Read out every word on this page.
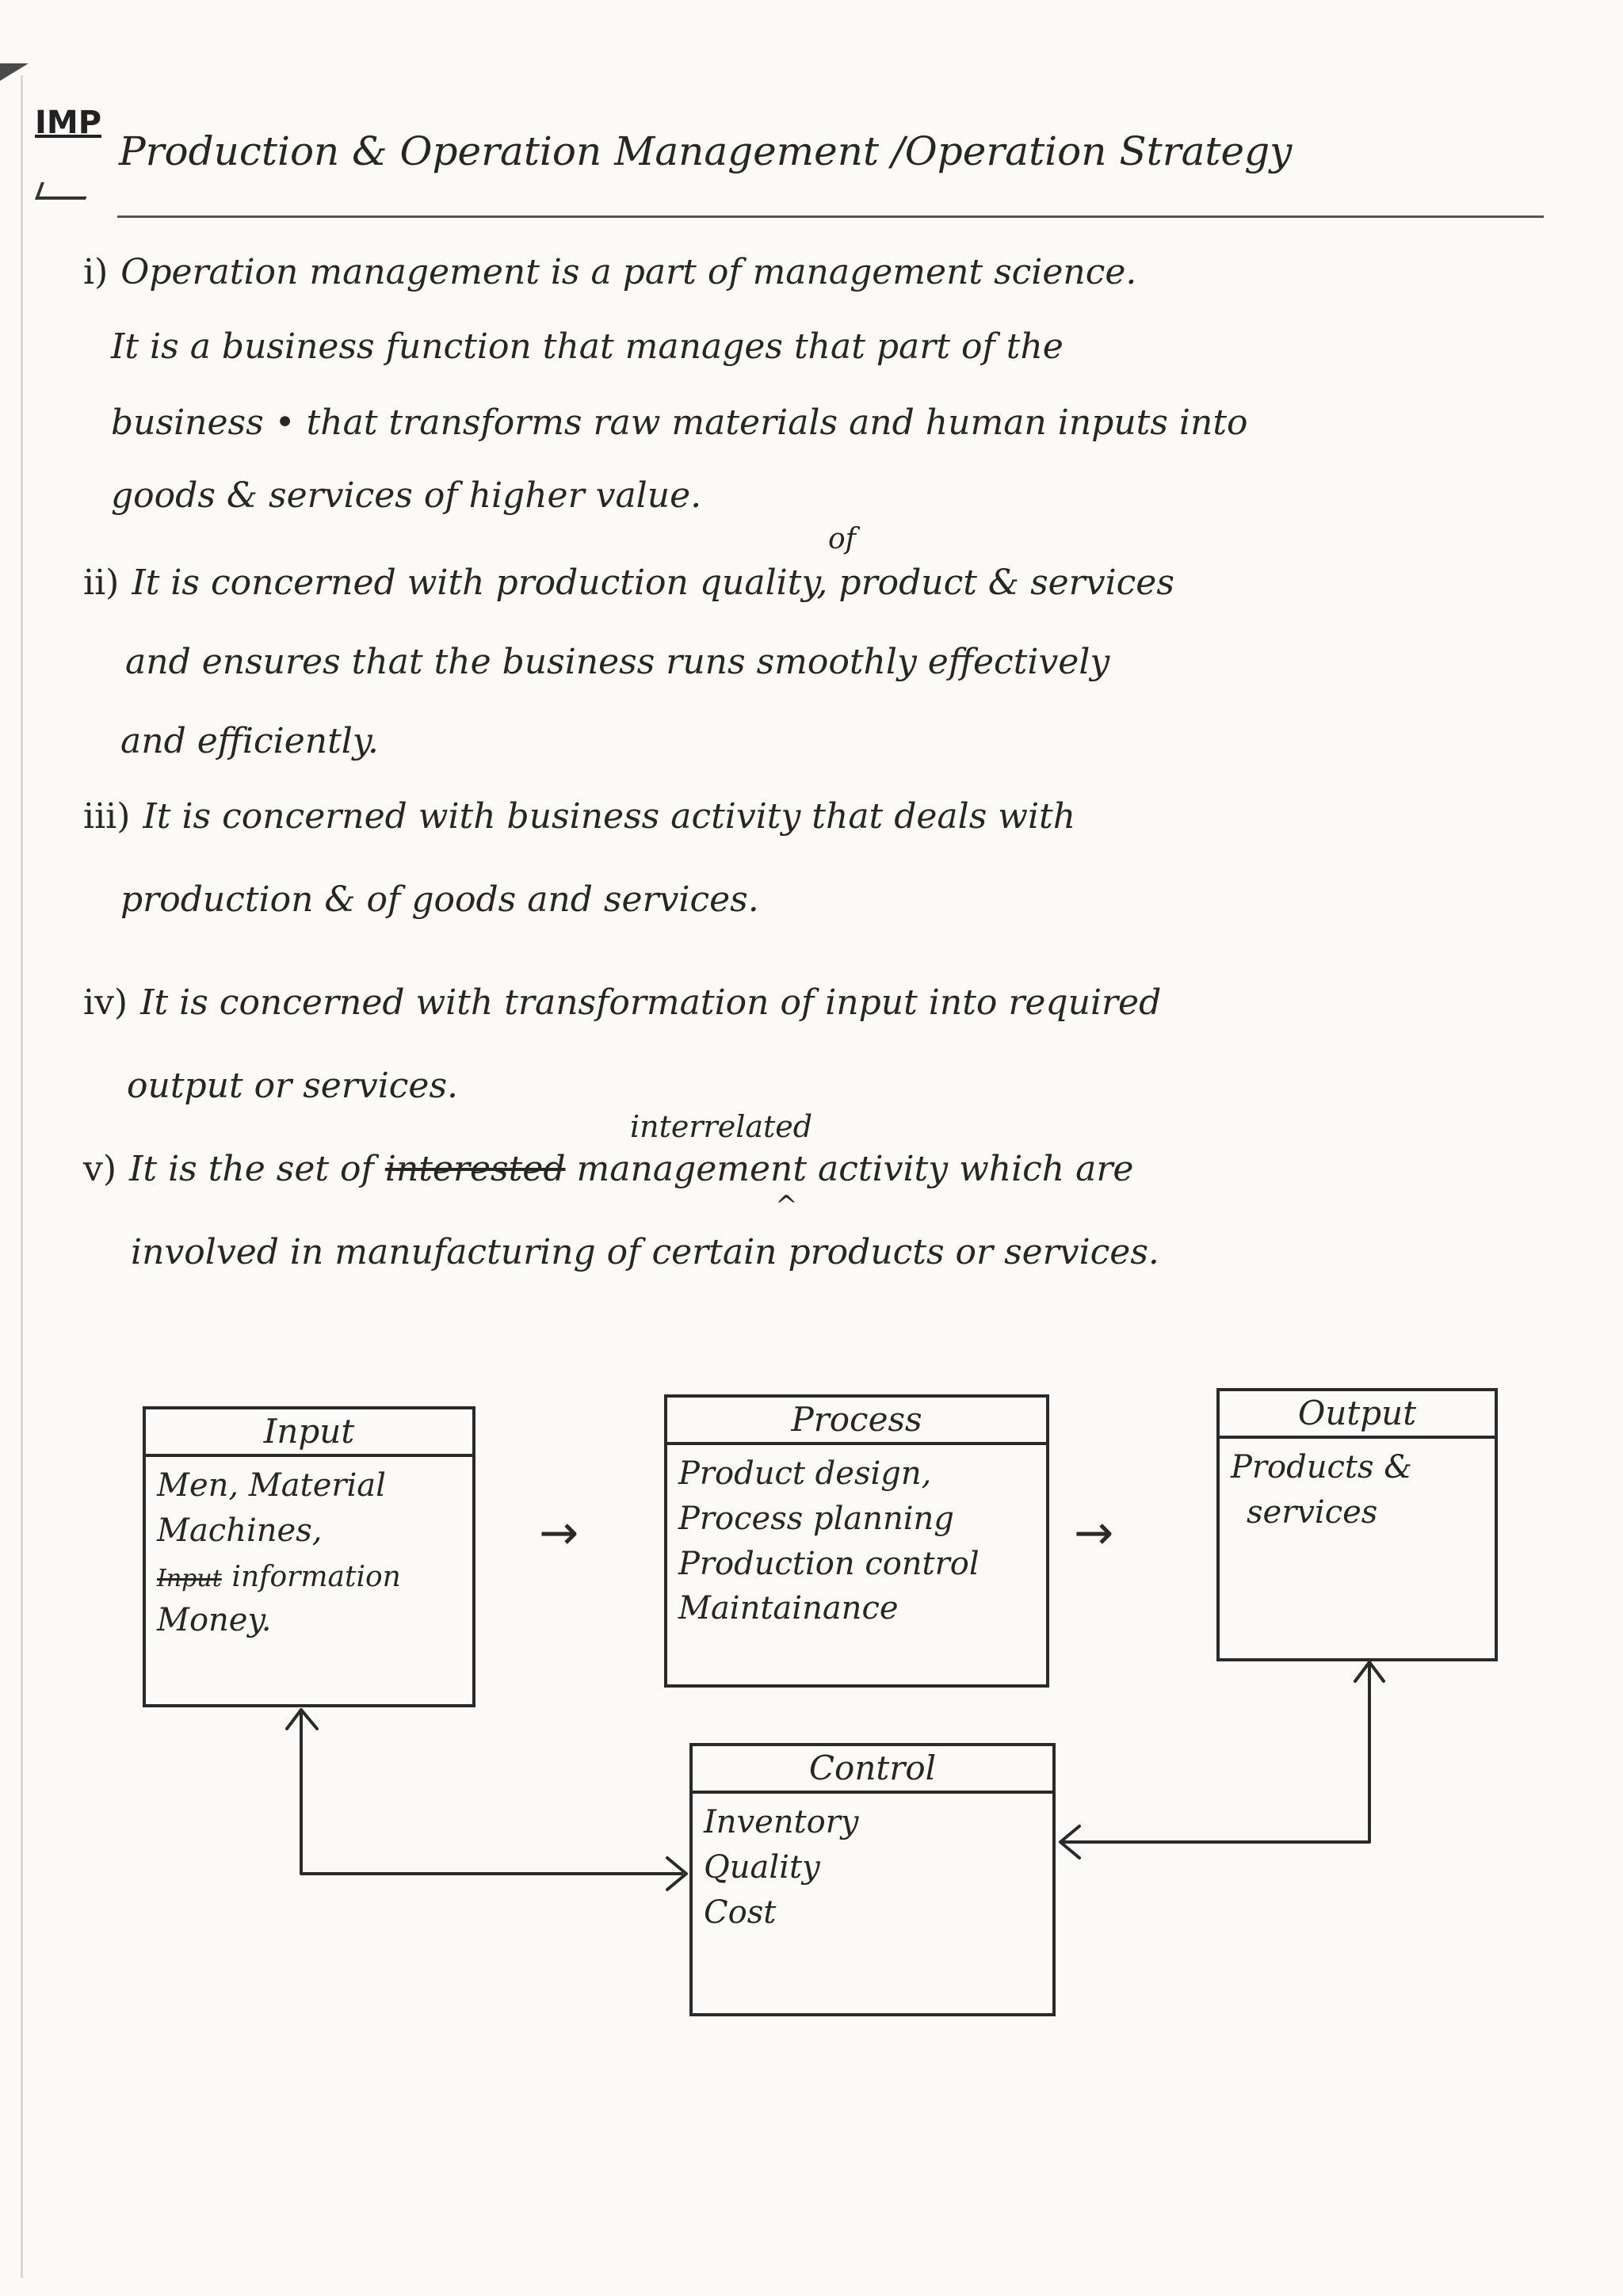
IMP
Production & Operation Management /Operation Strategy
i) Operation management is a part of management science.
It is a business function that manages that part of the
business • that transforms raw materials and human inputs into
goods & services of higher value.
of
ii) It is concerned with production quality, product & services
and ensures that the business runs smoothly effectively
and efficiently.
iii) It is concerned with business activity that deals with
production & of goods and services.
iv) It is concerned with transformation of input into required
output or services.
interrelated
v) It is the set of interested management activity which are
^
involved in manufacturing of certain products or services.
Input
Men, Material
Machines,
Input information
Money.
→
Process
Product design,
Process planning
Production control
Maintainance
→
Output
Products &
services
Control
Inventory
Quality
Cost
